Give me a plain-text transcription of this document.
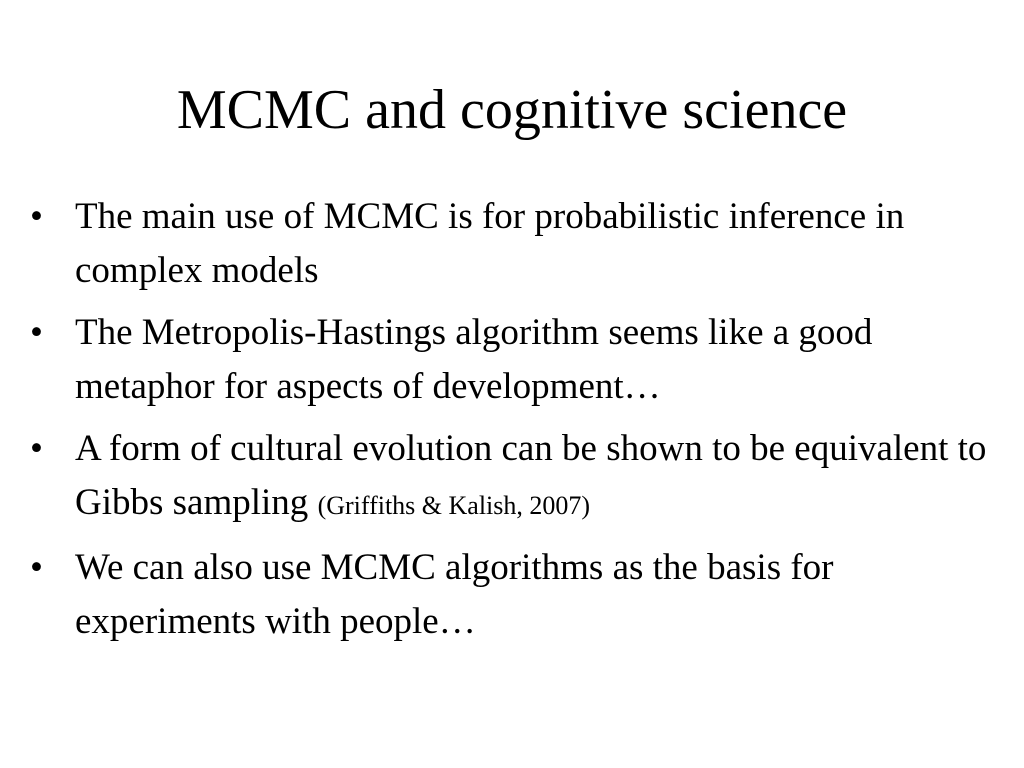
MCMC and cognitive science
• The main use of MCMC is for probabilistic inference in complex models
• The Metropolis-Hastings algorithm seems like a good metaphor for aspects of development…
• A form of cultural evolution can be shown to be equivalent to Gibbs sampling (Griffiths & Kalish, 2007)
• We can also use MCMC algorithms as the basis for experiments with people…
